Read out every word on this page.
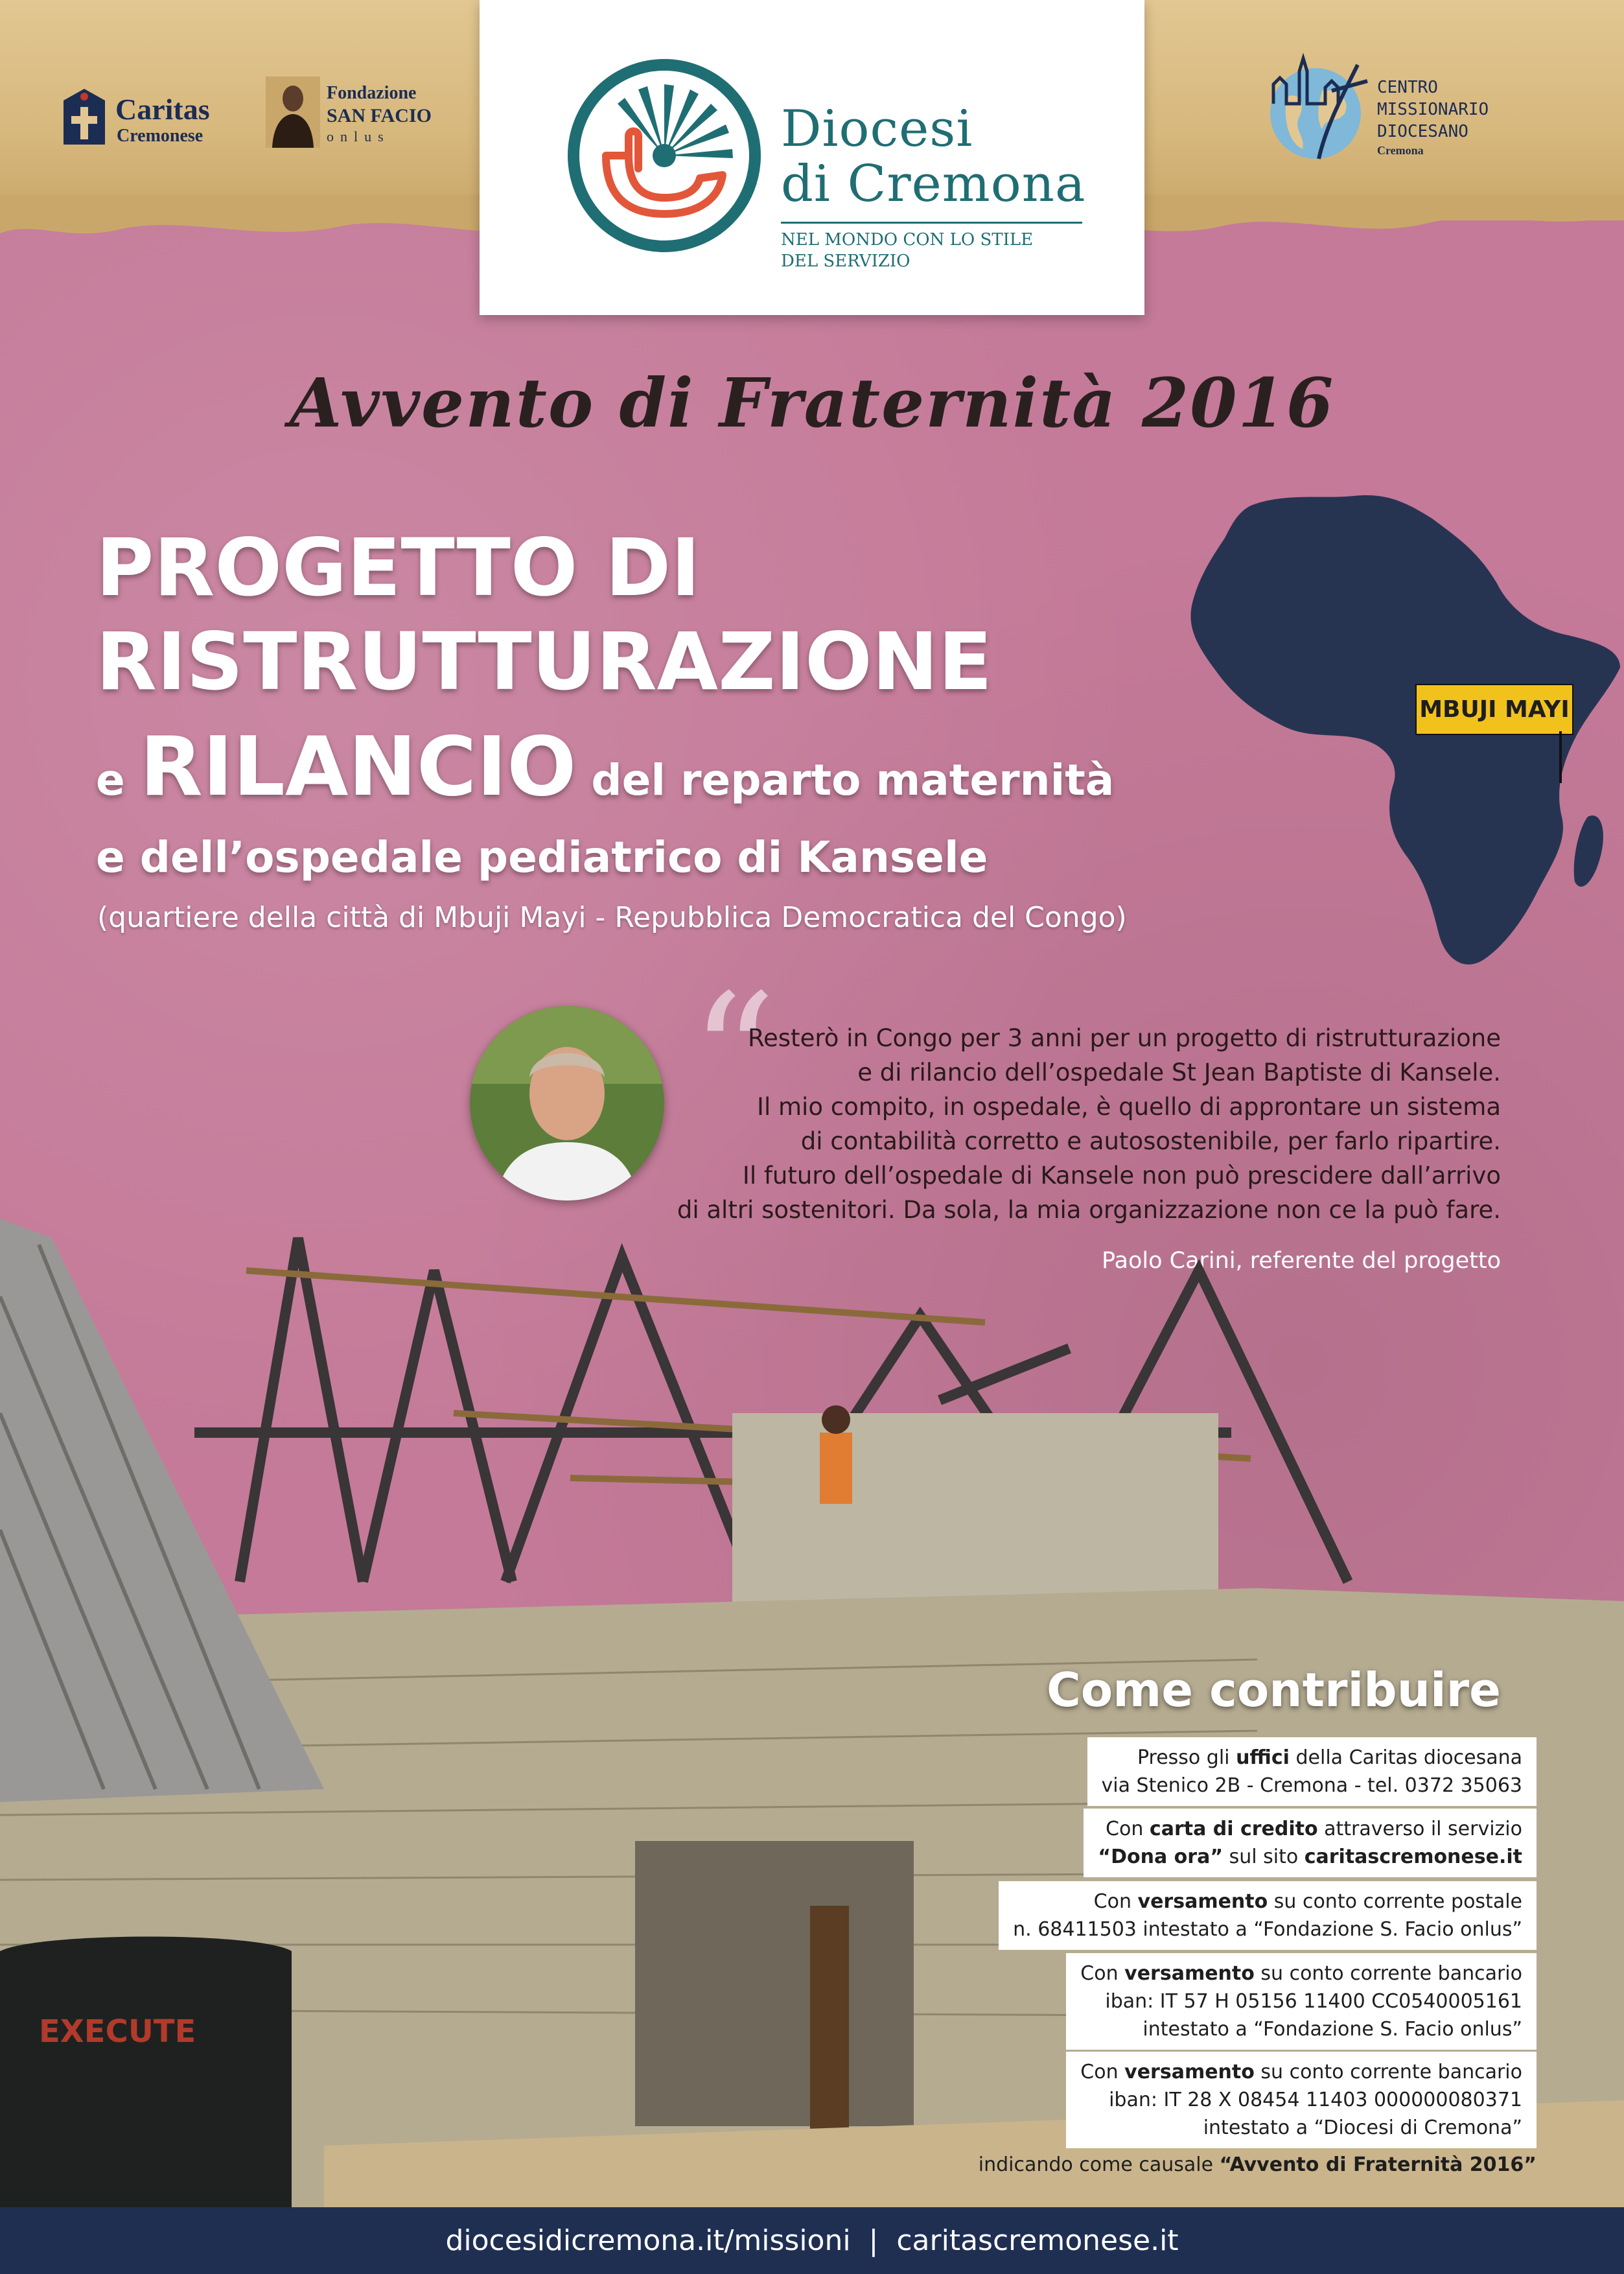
Caritas
Cremonese
Fondazione
SAN FACIO
onlus	Diocesi
di Cremona
NEL MONDO CON LO STILE
DEL SERVIZIO
CENTRO
MISSIONARIO
DIOCESANO
Cremona
Avvento di Fraternità 2016
PROGETTO DI
RISTRUTTURAZIONE
e RILANCIO del reparto maternità
e dell’ospedale pediatrico di Kansele
(quartiere della città di Mbuji Mayi - Repubblica Democratica del Congo)
MBUJI MAYI
“
Resterò in Congo per 3 anni per un progetto di ristrutturazione
e di rilancio dell’ospedale St Jean Baptiste di Kansele.
Il mio compito, in ospedale, è quello di approntare un sistema
di contabilità corretto e autosostenibile, per farlo ripartire.
Il futuro dell’ospedale di Kansele non può prescidere dall’arrivo
di altri sostenitori. Da sola, la mia organizzazione non ce la può fare.
Paolo Carini, referente del progetto
EXECUTE
Come contribuire
Presso gli uffici della Caritas diocesana
via Stenico 2B - Cremona - tel. 0372 35063
Con carta di credito attraverso il servizio
“Dona ora” sul sito caritascremonese.it
Con versamento su conto corrente postale
n. 68411503 intestato a “Fondazione S. Facio onlus”
Con versamento su conto corrente bancario
iban: IT 57 H 05156 11400 CC0540005161
intestato a “Fondazione S. Facio onlus”
Con versamento su conto corrente bancario
iban: IT 28 X 08454 11403 000000080371
intestato a “Diocesi di Cremona”
indicando come causale “Avvento di Fraternità 2016”
diocesidicremona.it/missioni  |  caritascremonese.it
